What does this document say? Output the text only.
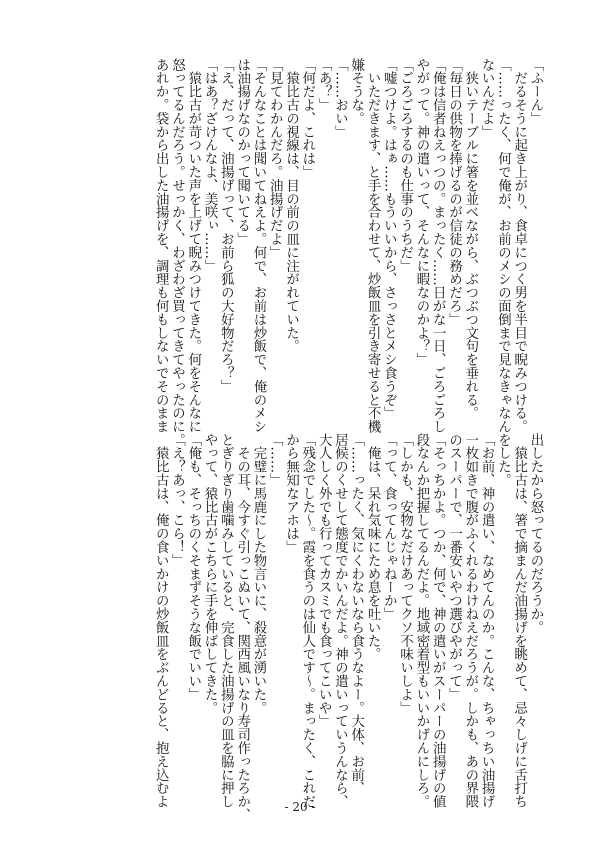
「ふーん」
　だるそうに起き上がり、食卓につく男を半目で睨みつける。
「……ったく、何で俺が、お前のメシの面倒まで見なきゃなん
ないんだよ」
　狭いテーブルに箸を並べながら、ぶつぶつ文句を垂れる。
「毎日の供物を捧げるのが信徒の務めだろ」
「俺は信者ねえっつの。まったく……日がな一日、ごろごろし
やがって。神の遣いって、そんなに暇なのかよ？」
「ごろごろするのも仕事のうちだ」
「嘘つけよ。はぁ……もういいから、さっさとメシ食うぞ」
　いただきます、と手を合わせて、炒飯皿を引き寄せると不機
嫌そうな。
「……おい」
「あ？」
「何だよ、これは」
　猿比古の視線は、目の前の皿に注がれていた。
「見てわかんだろ。油揚げだよ」
「そんなことは聞いてねえよ。何で、お前は炒飯で、俺のメシ
は油揚げなのかって聞いてる」
「え、だって、油揚げって、お前ら狐の大好物だろ？」
「はあ？ざけんなよ、美咲ぃ……」
　猿比古が苛ついた声を上げて睨みつけてきた。何をそんなに
怒ってるんだろう。せっかく、わざわざ買ってきてやったのに。
あれか。袋から出した油揚げを、調理も何もしないでそのまま
出したから怒ってるのだろうか。
　猿比古は、箸で摘まんだ油揚げを眺めて、忌々しげに舌打ち
をした。
「お前、神の遣い、なめてんのか。こんな、ちゃっちい油揚げ
一枚如きで腹がふくれるわけねえだろうが。しかも、あの界隈
のスーパーで、一番安いやつ選びやがって」
「そっちかよ。つか、何で、神の遣いがスーパーの油揚げの値
段なんか把握してるんだよ。地域密着型もいいかげんにしろ。
「しかも、安物なだけあってクソ不味いしよ」
「って、食ってんじゃねーか」
　俺は、呆れ気味にため息を吐いた。
「……ったく、気にくわないなら食うなよー。大体、お前、
居候のくせして態度でかいんだよ。神の遣いっていうんなら、
大人しく外でも行ってカスミでも食ってこいや」
「残念でした～。霞を食うのは仙人です～。まったく、これだ
から無知なアホは」
「……」
　完璧に馬鹿にした物言いに、殺意が湧いた。
　その耳、今すぐ引っこぬいて、関西風いなり寿司作ったろか、
とぎりぎり歯噛みしていると、完食した油揚げの皿を脇に押し
やって、猿比古がこちらに手を伸ばしてきた。
「俺も、そっちのくそまずそうな飯でいい」
「え？あっ、こら！」
　猿比古は、俺の食いかけの炒飯皿をぶんどると、抱え込むよ	- 20 -
